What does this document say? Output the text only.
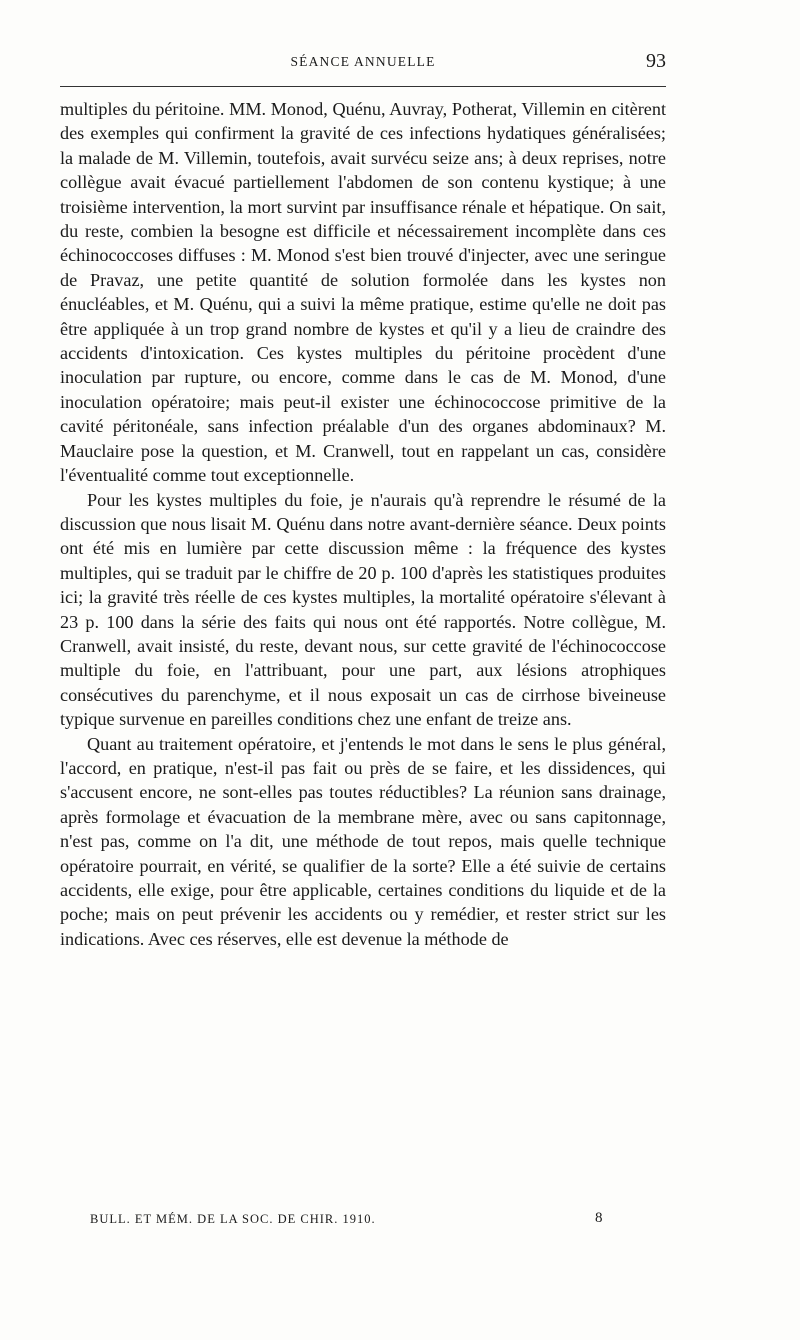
SÉANCE ANNUELLE	93

multiples du péritoine. MM. Monod, Quénu, Auvray, Potherat, Villemin en citèrent des exemples qui confirment la gravité de ces infections hydatiques généralisées; la malade de M. Villemin, toutefois, avait survécu seize ans; à deux reprises, notre collègue avait évacué partiellement l'abdomen de son contenu kystique; à une troisième intervention, la mort survint par insuffisance rénale et hépatique. On sait, du reste, combien la besogne est difficile et nécessairement incomplète dans ces échinococcoses diffuses : M. Monod s'est bien trouvé d'injecter, avec une seringue de Pravaz, une petite quantité de solution formolée dans les kystes non énucléables, et M. Quénu, qui a suivi la même pratique, estime qu'elle ne doit pas être appliquée à un trop grand nombre de kystes et qu'il y a lieu de craindre des accidents d'intoxication. Ces kystes multiples du péritoine procèdent d'une inoculation par rupture, ou encore, comme dans le cas de M. Monod, d'une inoculation opératoire; mais peut-il exister une échinococcose primitive de la cavité péritonéale, sans infection préalable d'un des organes abdominaux? M. Mauclaire pose la question, et M. Cranwell, tout en rappelant un cas, considère l'éventualité comme tout exceptionnelle.

Pour les kystes multiples du foie, je n'aurais qu'à reprendre le résumé de la discussion que nous lisait M. Quénu dans notre avant-dernière séance. Deux points ont été mis en lumière par cette discussion même : la fréquence des kystes multiples, qui se traduit par le chiffre de 20 p. 100 d'après les statistiques produites ici; la gravité très réelle de ces kystes multiples, la mortalité opératoire s'élevant à 23 p. 100 dans la série des faits qui nous ont été rapportés. Notre collègue, M. Cranwell, avait insisté, du reste, devant nous, sur cette gravité de l'échinococcose multiple du foie, en l'attribuant, pour une part, aux lésions atrophiques consécutives du parenchyme, et il nous exposait un cas de cirrhose biveineuse typique survenue en pareilles conditions chez une enfant de treize ans.

Quant au traitement opératoire, et j'entends le mot dans le sens le plus général, l'accord, en pratique, n'est-il pas fait ou près de se faire, et les dissidences, qui s'accusent encore, ne sont-elles pas toutes réductibles? La réunion sans drainage, après formolage et évacuation de la membrane mère, avec ou sans capitonnage, n'est pas, comme on l'a dit, une méthode de tout repos, mais quelle technique opératoire pourrait, en vérité, se qualifier de la sorte? Elle a été suivie de certains accidents, elle exige, pour être applicable, certaines conditions du liquide et de la poche; mais on peut prévenir les accidents ou y remédier, et rester strict sur les indications. Avec ces réserves, elle est devenue la méthode de

BULL. ET MÉM. DE LA SOC. DE CHIR. 1910.	8
